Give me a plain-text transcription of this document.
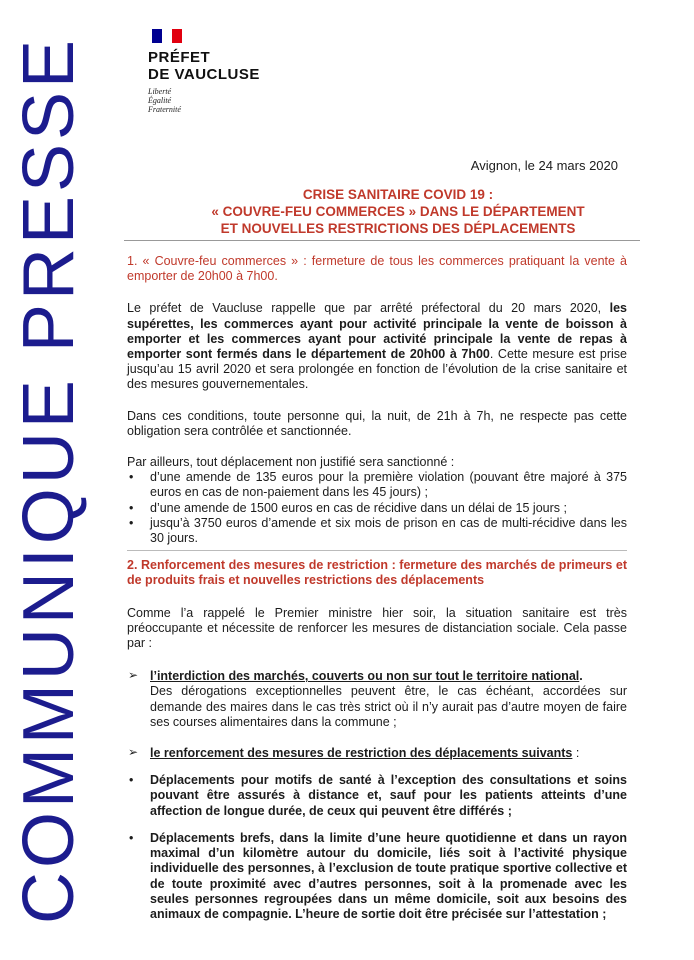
COMMUNIQUE PRESSE	PRÉFET
DE VAUCLUSE
Liberté
Égalité
Fraternité
Avignon, le 24 mars 2020
CRISE SANITAIRE COVID 19 :
« COUVRE-FEU COMMERCES » DANS LE DÉPARTEMENT
ET NOUVELLES RESTRICTIONS DES DÉPLACEMENTS

1. « Couvre-feu commerces » : fermeture de tous les commerces pratiquant la vente à emporter de 20h00 à 7h00.

Le préfet de Vaucluse rappelle que par arrêté préfectoral du 20 mars 2020, les supérettes, les commerces ayant pour activité principale la vente de boisson à emporter et les commerces ayant pour activité principale la vente de repas à emporter sont fermés dans le département de 20h00 à 7h00. Cette mesure est prise jusqu’au 15 avril 2020 et sera prolongée en fonction de l’évolution de la crise sanitaire et des mesures gouvernementales.

Dans ces conditions, toute personne qui, la nuit, de 21h à 7h, ne respecte pas cette obligation sera contrôlée et sanctionnée.

Par ailleurs, tout déplacement non justifié sera sanctionné :

• d’une amende de 135 euros pour la première violation (pouvant être majoré à 375 euros en cas de non-paiement dans les 45 jours) ;
• d’une amende de 1500 euros en cas de récidive dans un délai de 15 jours ;
• jusqu’à 3750 euros d’amende et six mois de prison en cas de multi-récidive dans les 30 jours.

2. Renforcement des mesures de restriction : fermeture des marchés de primeurs et de produits frais et nouvelles restrictions des déplacements

Comme l’a rappelé le Premier ministre hier soir, la situation sanitaire est très préoccupante et nécessite de renforcer les mesures de distanciation sociale. Cela passe par :

➢ l’interdiction des marchés, couverts ou non sur tout le territoire national.
Des dérogations exceptionnelles peuvent être, le cas échéant, accordées sur demande des maires dans le cas très strict où il n’y aurait pas d’autre moyen de faire ses courses alimentaires dans la commune ;
➢ le renforcement des mesures de restriction des déplacements suivants :
• Déplacements pour motifs de santé à l’exception des consultations et soins pouvant être assurés à distance et, sauf pour les patients atteints d’une affection de longue durée, de ceux qui peuvent être différés ;
• Déplacements brefs, dans la limite d’une heure quotidienne et dans un rayon maximal d’un kilomètre autour du domicile, liés soit à l’activité physique individuelle des personnes, à l’exclusion de toute pratique sportive collective et de toute proximité avec d’autres personnes, soit à la promenade avec les seules personnes regroupées dans un même domicile, soit aux besoins des animaux de compagnie. L’heure de sortie doit être précisée sur l’attestation ;
